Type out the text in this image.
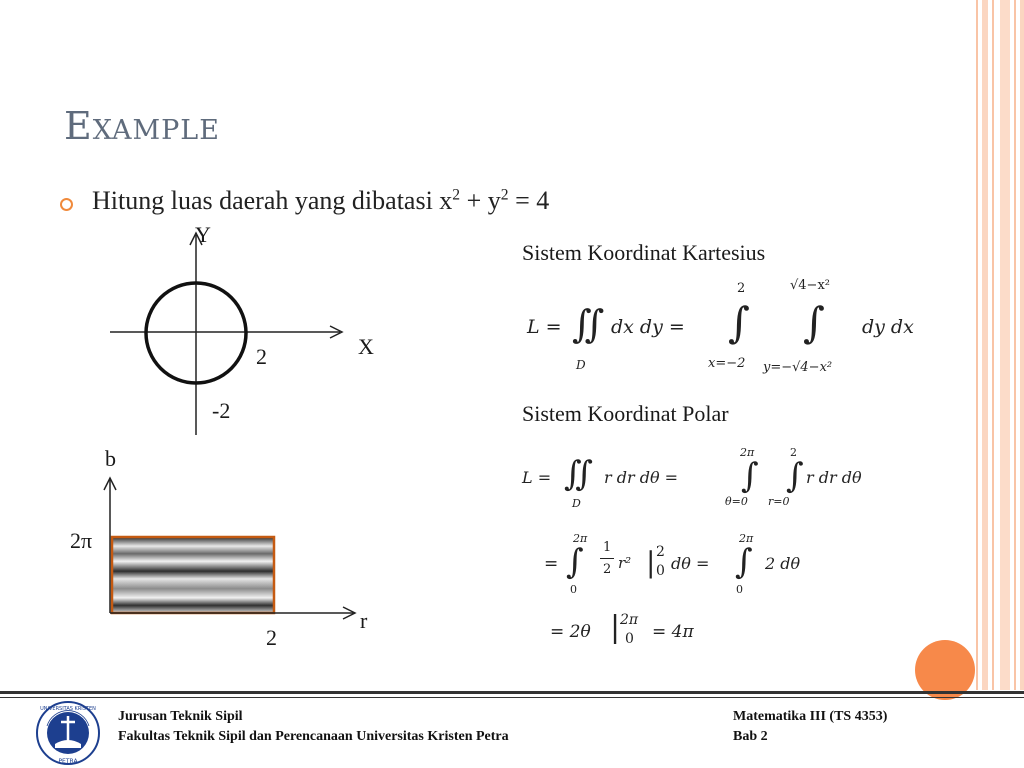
Example
Hitung luas daerah yang dibatasi $x^2 + y^2 = 4$
Y
X
2
-2
b
2π
r
2
Sistem Koordinat Kartesius
Sistem Koordinat Polar
L = ∬
D
dx dy =
2
∫
x=−2
√4−x²
∫
y=−√4−x²
dy dx
L = ∬
D
r dr dθ =
2π
∫
θ=0
2
∫
r=0
r dr dθ
=
2π
∫
0
1
2 r² | 2
0 dθ =
2π
∫
0
2 dθ
= 2θ | 2π
0 = 4π
UNIVERSITAS KRISTEN
PETRA
Jurusan Teknik Sipil
Fakultas Teknik Sipil dan Perencanaan Universitas Kristen Petra
Matematika III (TS 4353)
Bab 2
